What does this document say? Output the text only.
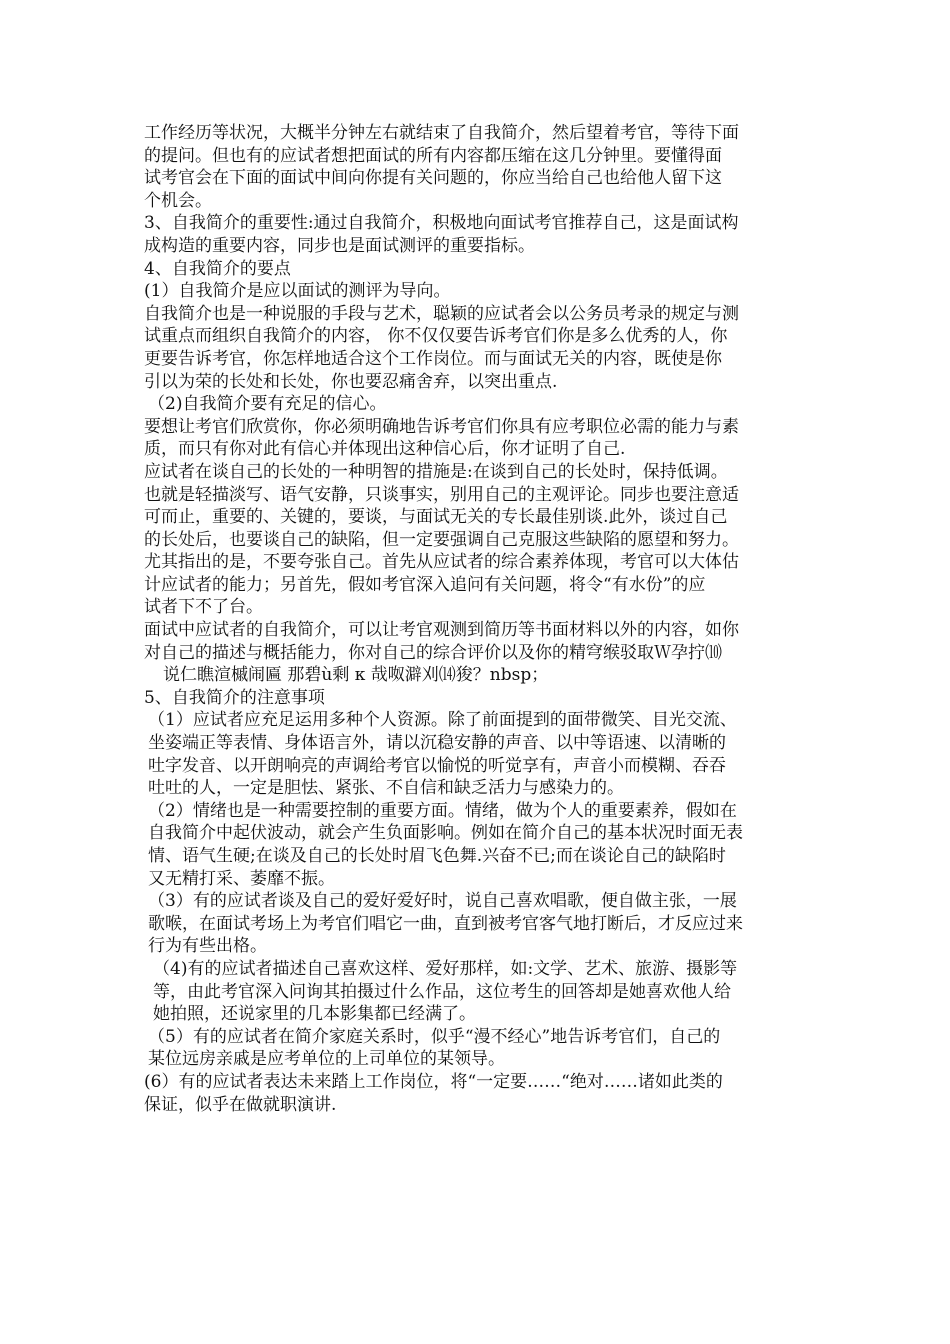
工作经历等状况，大概半分钟左右就结束了自我简介，然后望着考官，等待下面
的提问。但也有的应试者想把面试的所有内容都压缩在这几分钟里。要懂得面
试考官会在下面的面试中间向你提有关问题的，你应当给自己也给他人留下这
个机会。

3、自我简介的重要性:通过自我简介，积极地向面试考官推荐自己，这是面试构
成构造的重要内容，同步也是面试测评的重要指标。

4、自我简介的要点

(1）自我简介是应以面试的测评为导向。

自我简介也是一种说服的手段与艺术，聪颖的应试者会以公务员考录的规定与测
试重点而组织自我简介的内容， 你不仅仅要告诉考官们你是多么优秀的人，你
更要告诉考官，你怎样地适合这个工作岗位。而与面试无关的内容，既使是你
引以为荣的长处和长处，你也要忍痛舍弃，以突出重点.

（2)自我简介要有充足的信心。

要想让考官们欣赏你，你必须明确地告诉考官们你具有应考职位必需的能力与素
质，而只有你对此有信心并体现出这种信心后，你才证明了自己.

应试者在谈自己的长处的一种明智的措施是:在谈到自己的长处时，保持低调。
也就是轻描淡写、语气安静，只谈事实，别用自己的主观评论。同步也要注意适
可而止，重要的、关键的，要谈，与面试无关的专长最佳别谈.此外，谈过自己
的长处后，也要谈自己的缺陷，但一定要强调自己克服这些缺陷的愿望和努力。

尤其指出的是，不要夸张自己。首先从应试者的综合素养体现，考官可以大体估
计应试者的能力；另首先，假如考官深入追问有关问题，将令“有水份”的应
试者下不了台。

面试中应试者的自我简介，可以让考官观测到简历等书面材料以外的内容，如你
对自己的描述与概括能力，你对自己的综合评价以及你的精穹缑驳取Ｗ孕拧⑽

说仁瞧渲槭闹匾 那碧ù剩 κ 哉呶澼刈⒁狻？nbsp；

5、自我简介的注意事项

（1）应试者应充足运用多种个人资源。除了前面提到的面带微笑、目光交流、
坐姿端正等表情、身体语言外，请以沉稳安静的声音、以中等语速、以清晰的
吐字发音、以开朗响亮的声调给考官以愉悦的听觉享有，声音小而模糊、吞吞
吐吐的人，一定是胆怯、紧张、不自信和缺乏活力与感染力的。

（2）情绪也是一种需要控制的重要方面。情绪，做为个人的重要素养，假如在
自我简介中起伏波动，就会产生负面影响。例如在简介自己的基本状况时面无表
情、语气生硬;在谈及自己的长处时眉飞色舞.兴奋不已;而在谈论自己的缺陷时
又无精打采、萎靡不振。

（3）有的应试者谈及自己的爱好爱好时，说自己喜欢唱歌，便自做主张，一展
歌喉，在面试考场上为考官们唱它一曲，直到被考官客气地打断后，才反应过来
行为有些出格。

（4)有的应试者描述自己喜欢这样、爱好那样，如:文学、艺术、旅游、摄影等
等，由此考官深入问询其拍摄过什么作品，这位考生的回答却是她喜欢他人给
她拍照，还说家里的几本影集都已经满了。

（5）有的应试者在简介家庭关系时，似乎“漫不经心”地告诉考官们，自己的
某位远房亲戚是应考单位的上司单位的某领导。

(6）有的应试者表达未来踏上工作岗位，将“一定要……“绝对……诸如此类的
保证，似乎在做就职演讲.
